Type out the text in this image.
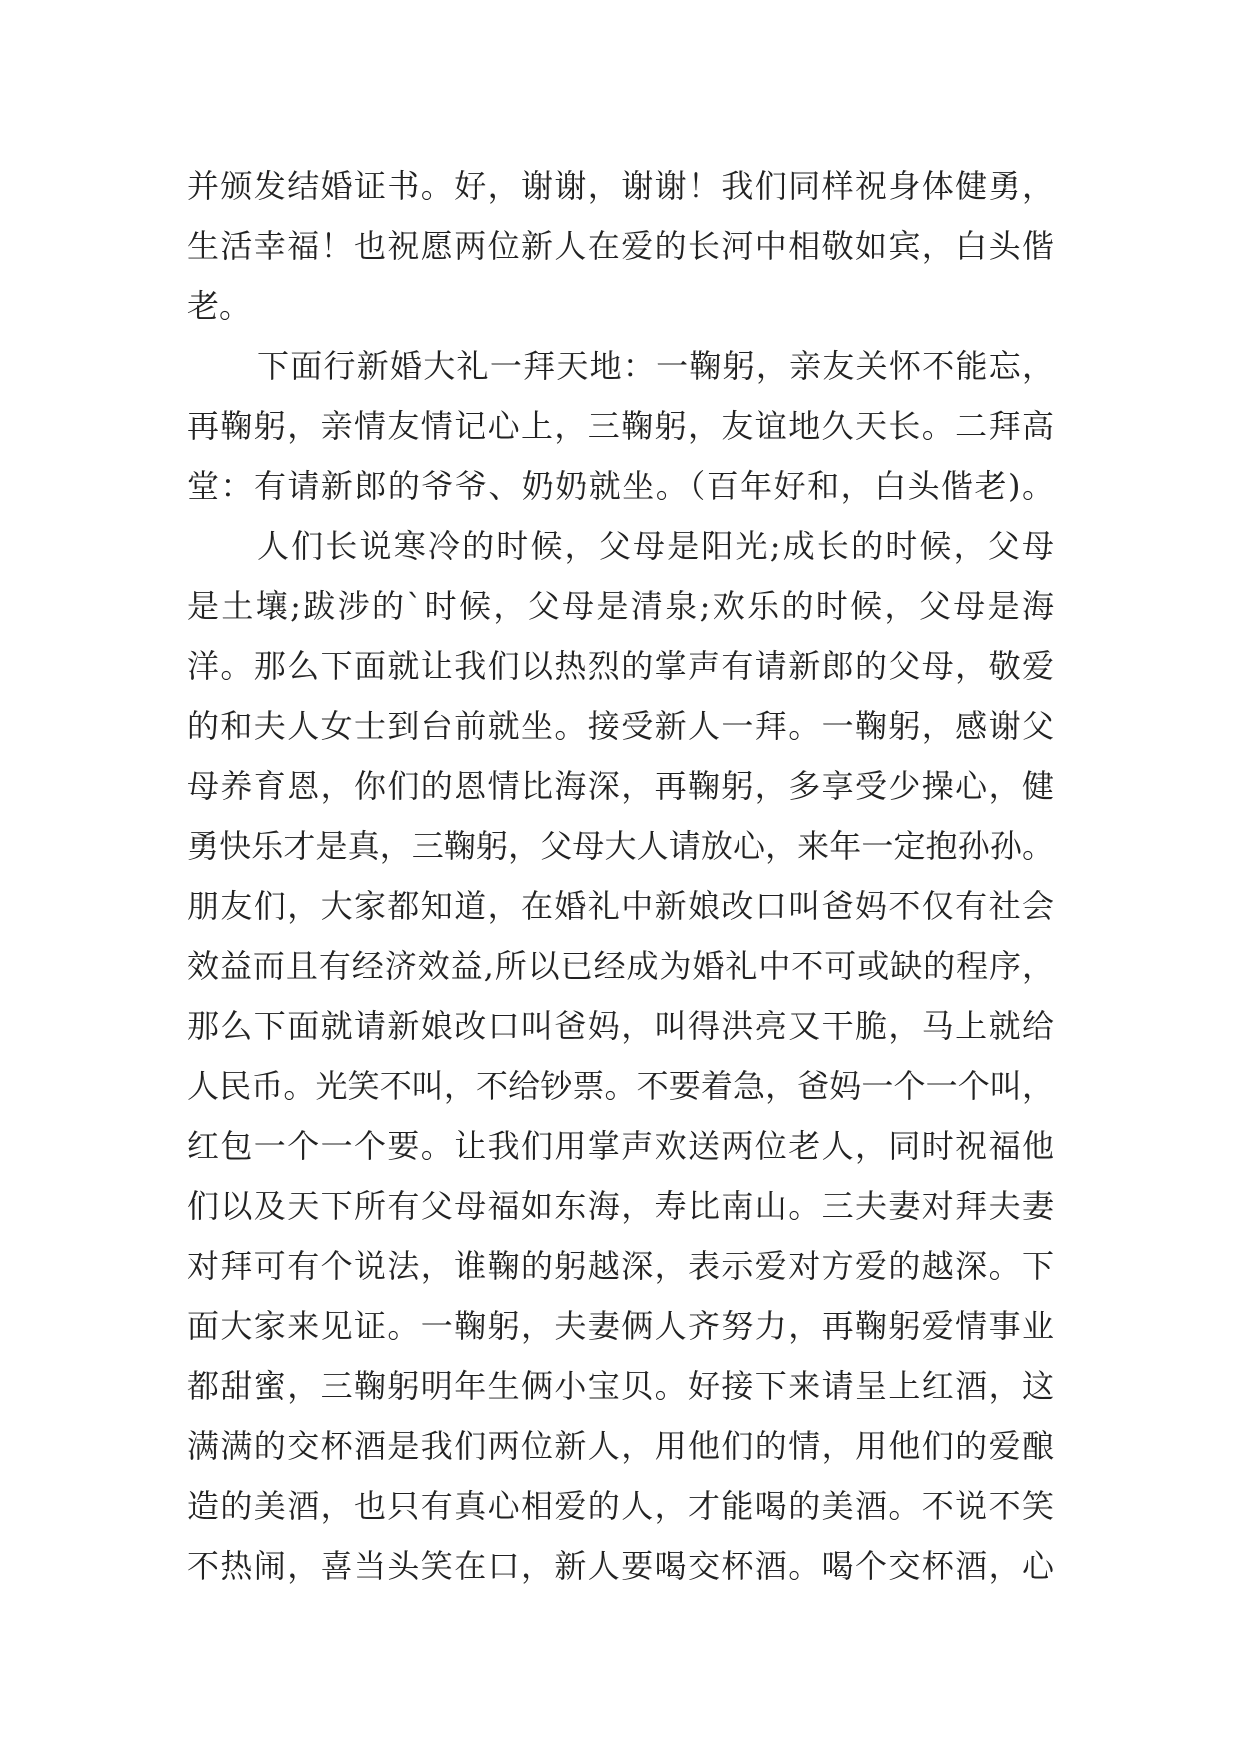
并颁发结婚证书。好，谢谢，谢谢！我们同样祝身体健勇，
生活幸福！也祝愿两位新人在爱的长河中相敬如宾，白头偕
老。
下面行新婚大礼一拜天地：一鞠躬，亲友关怀不能忘，
再鞠躬，亲情友情记心上，三鞠躬，友谊地久天长。二拜高
堂：有请新郎的爷爷、奶奶就坐。（百年好和，白头偕老)。
人们长说寒冷的时候，父母是阳光;成长的时候，父母
是土壤;跋涉的`时候，父母是清泉;欢乐的时候，父母是海
洋。那么下面就让我们以热烈的掌声有请新郎的父母，敬爱
的和夫人女士到台前就坐。接受新人一拜。一鞠躬，感谢父
母养育恩，你们的恩情比海深，再鞠躬，多享受少操心，健
勇快乐才是真，三鞠躬，父母大人请放心，来年一定抱孙孙。
朋友们，大家都知道，在婚礼中新娘改口叫爸妈不仅有社会
效益而且有经济效益,所以已经成为婚礼中不可或缺的程序，
那么下面就请新娘改口叫爸妈，叫得洪亮又干脆，马上就给
人民币。光笑不叫，不给钞票。不要着急，爸妈一个一个叫，
红包一个一个要。让我们用掌声欢送两位老人，同时祝福他
们以及天下所有父母福如东海，寿比南山。三夫妻对拜夫妻
对拜可有个说法，谁鞠的躬越深，表示爱对方爱的越深。下
面大家来见证。一鞠躬，夫妻俩人齐努力，再鞠躬爱情事业
都甜蜜，三鞠躬明年生俩小宝贝。好接下来请呈上红酒，这
满满的交杯酒是我们两位新人，用他们的情，用他们的爱酿
造的美酒，也只有真心相爱的人，才能喝的美酒。不说不笑
不热闹，喜当头笑在口，新人要喝交杯酒。喝个交杯酒，心
